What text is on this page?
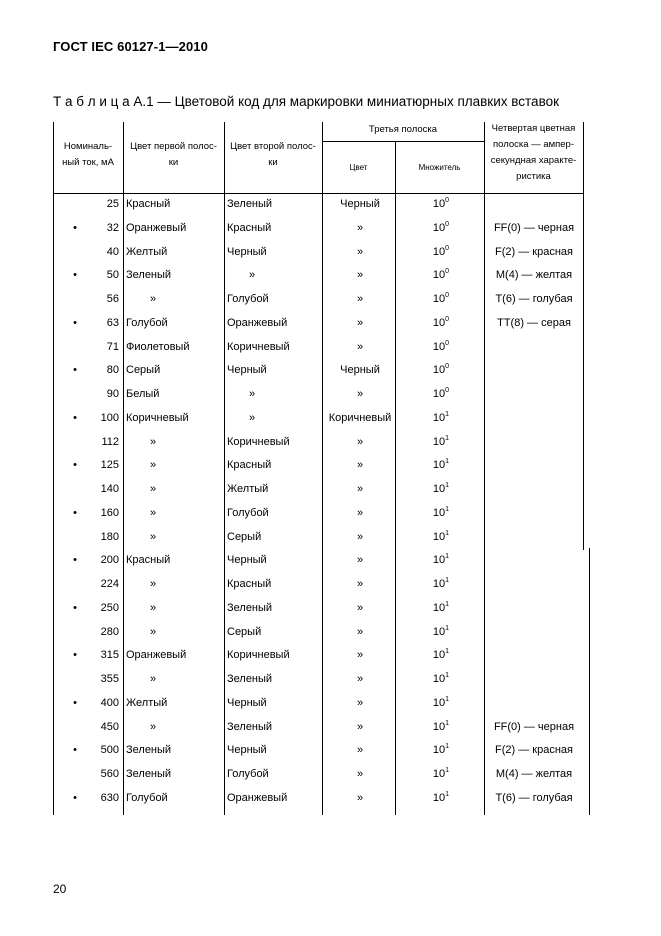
ГОСТ IEC 60127-1—2010
Т а б л и ц а А.1 — Цветовой код для маркировки миниатюрных плавких вставок
Номиналь-
ный ток, мА
Цвет первой полос-
ки
Цвет второй полос-
ки
Третья полоска
Цвет	Множитель
Четвертая цветная
полоска — ампер-
секундная характе-
ристика
25 Красный	Зеленый	Черный	$10^0$
•	32 Оранжевый	Красный	»	$10^0$	FF(0) — черная
40 Желтый	Черный	»	$10^0$	F(2) — красная
•	50 Зеленый	»	»	$10^0$	M(4) — желтая
56	»	Голубой	»	$10^0$	T(6) — голубая
•	63 Голубой	Оранжевый	»	$10^0$	TT(8) — серая
71 Фиолетовый	Коричневый	»	$10^0$
•	80 Серый	Черный	Черный	$10^0$
90 Белый	»	»	$10^0$
• 100 Коричневый	»	Коричневый	$10^1$
112	»	Коричневый	»	$10^1$
• 125	»	Красный	»	$10^1$
140	»	Желтый	»	$10^1$
• 160	»	Голубой	»	$10^1$
180	»	Серый	»	$10^1$
• 200 Красный	Черный	»	$10^1$
224	»	Красный	»	$10^1$
• 250	»	Зеленый	»	$10^1$
280	»	Серый	»	$10^1$
• 315 Оранжевый	Коричневый	»	$10^1$
355	»	Зеленый	»	$10^1$
• 400 Желтый	Черный	»	$10^1$
450	»	Зеленый	»	$10^1$	FF(0) — черная
• 500 Зеленый	Черный	»	$10^1$	F(2) — красная
560 Зеленый	Голубой	»	$10^1$	M(4) — желтая
• 630 Голубой	Оранжевый	»	$10^1$	T(6) — голубая
20
